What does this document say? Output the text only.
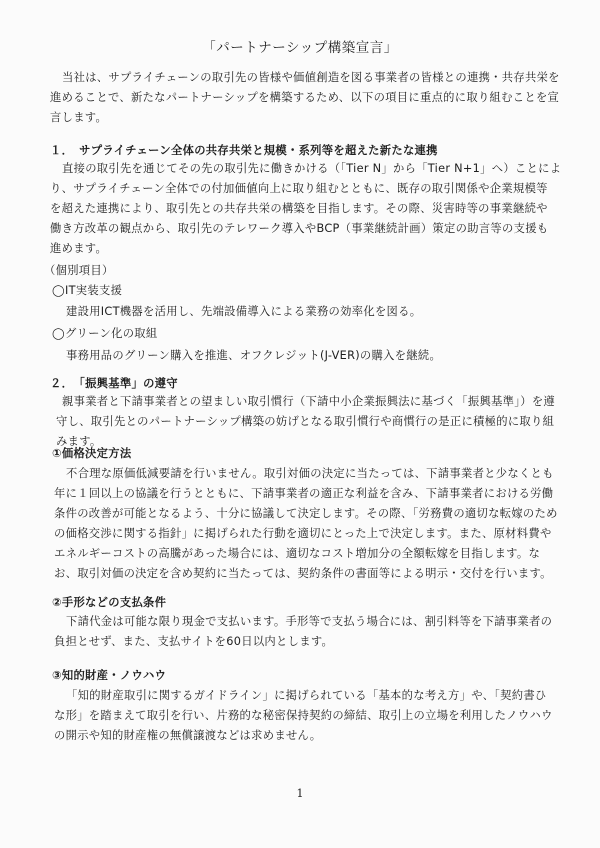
「パートナーシップ構築宣言」
当社は、サプライチェーンの取引先の皆様や価値創造を図る事業者の皆様との連携・共存共栄を
進めることで、新たなパートナーシップを構築するため、以下の項目に重点的に取り組むことを宣
言します。
１．　サプライチェーン全体の共存共栄と規模・系列等を超えた新たな連携
直接の取引先を通じてその先の取引先に働きかける（「Tier N」から「Tier N+1」へ）ことによ
り、サプライチェーン全体での付加価値向上に取り組むとともに、既存の取引関係や企業規模等
を超えた連携により、取引先との共存共栄の構築を目指します。その際、災害時等の事業継続や
働き方改革の観点から、取引先のテレワーク導入やBCP（事業継続計画）策定の助言等の支援も
進めます。
（個別項目）
◯IT実装支援
建設用ICT機器を活用し、先端設備導入による業務の効率化を図る。
◯グリーン化の取組
事務用品のグリーン購入を推進、オフクレジット(J-VER)の購入を継続。
２．　「振興基準」の遵守
親事業者と下請事業者との望ましい取引慣行（下請中小企業振興法に基づく「振興基準」）を遵
守し、取引先とのパートナーシップ構築の妨げとなる取引慣行や商慣行の是正に積極的に取り組
みます。
①価格決定方法
不合理な原価低減要請を行いません。取引対価の決定に当たっては、下請事業者と少なくとも
年に１回以上の協議を行うとともに、下請事業者の適正な利益を含み、下請事業者における労働
条件の改善が可能となるよう、十分に協議して決定します。その際、「労務費の適切な転嫁のため
の価格交渉に関する指針」に掲げられた行動を適切にとった上で決定します。また、原材料費や
エネルギーコストの高騰があった場合には、適切なコスト増加分の全額転嫁を目指します。な
お、取引対価の決定を含め契約に当たっては、契約条件の書面等による明示・交付を行います。
②手形などの支払条件
下請代金は可能な限り現金で支払います。手形等で支払う場合には、割引料等を下請事業者の
負担とせず、また、支払サイトを60日以内とします。
③知的財産・ノウハウ
「知的財産取引に関するガイドライン」に掲げられている「基本的な考え方」や、「契約書ひ
な形」を踏まえて取引を行い、片務的な秘密保持契約の締結、取引上の立場を利用したノウハウ
の開示や知的財産権の無償譲渡などは求めません。
1
